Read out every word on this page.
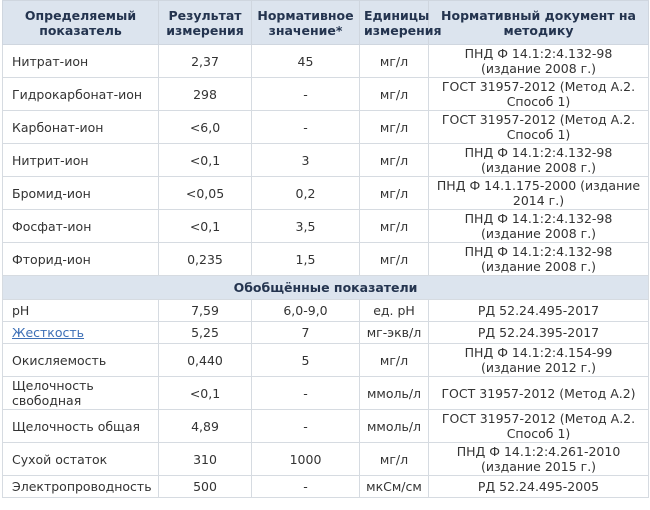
Определяемый показатель	Результат измерения	Нормативное значение*	Единицы измерения	Нормативный документ на методику
Нитрат-ион	2,37	45	мг/л	ПНД Ф 14.1:2:4.132-98 (издание 2008 г.)
Гидрокарбонат-ион	298	-	мг/л	ГОСТ 31957-2012 (Метод А.2. Способ 1)
Карбонат-ион	<6,0	-	мг/л	ГОСТ 31957-2012 (Метод А.2. Способ 1)
Нитрит-ион	<0,1	3	мг/л	ПНД Ф 14.1:2:4.132-98 (издание 2008 г.)
Бромид-ион	<0,05	0,2	мг/л	ПНД Ф 14.1.175-2000 (издание 2014 г.)
Фосфат-ион	<0,1	3,5	мг/л	ПНД Ф 14.1:2:4.132-98 (издание 2008 г.)
Фторид-ион	0,235	1,5	мг/л	ПНД Ф 14.1:2:4.132-98 (издание 2008 г.)
Обобщённые показатели				
pH	7,59	6,0-9,0	ед. pH	РД 52.24.495-2017
Жесткость	5,25	7	мг-экв/л	РД 52.24.395-2017
Окисляемость	0,440	5	мг/л	ПНД Ф 14.1:2:4.154-99 (издание 2012 г.)
Щелочность свободная	<0,1	-	ммоль/л	ГОСТ 31957-2012 (Метод А.2)
Щелочность общая	4,89	-	ммоль/л	ГОСТ 31957-2012 (Метод А.2. Способ 1)
Сухой остаток	310	1000	мг/л	ПНД Ф 14.1:2:4.261-2010 (издание 2015 г.)
Электропроводность	500	-	мкСм/см	РД 52.24.495-2005
